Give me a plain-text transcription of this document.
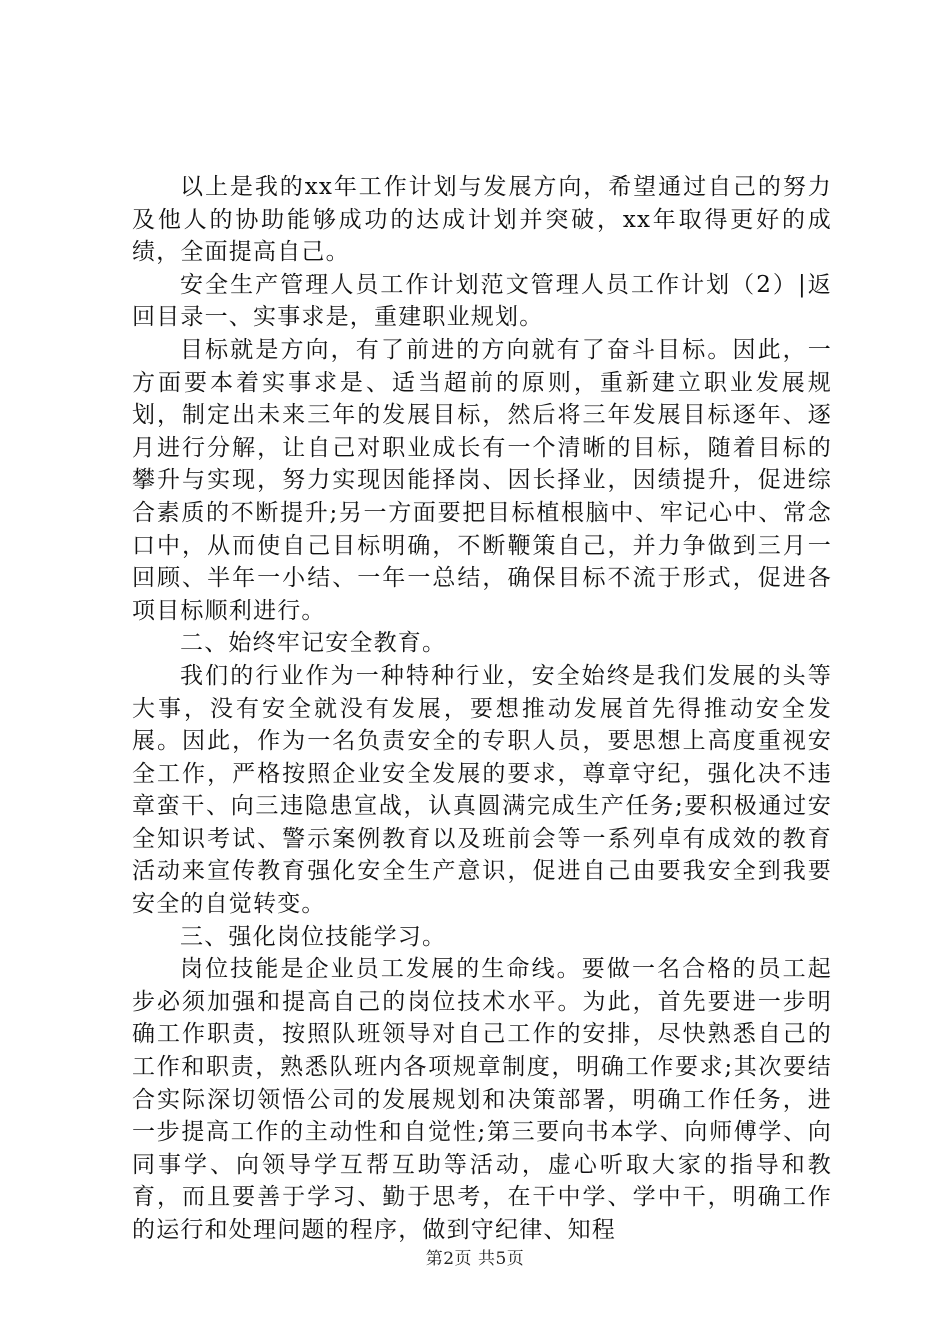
以上是我的xx年工作计划与发展方向，希望通过自己的努力及他人的协助能够成功的达成计划并突破，xx年取得更好的成绩，全面提高自己。

安全生产管理人员工作计划范文管理人员工作计划（2）|返回目录一、实事求是，重建职业规划。

目标就是方向，有了前进的方向就有了奋斗目标。因此，一方面要本着实事求是、适当超前的原则，重新建立职业发展规划，制定出未来三年的发展目标，然后将三年发展目标逐年、逐月进行分解，让自己对职业成长有一个清晰的目标，随着目标的攀升与实现，努力实现因能择岗、因长择业，因绩提升，促进综合素质的不断提升;另一方面要把目标植根脑中、牢记心中、常念口中，从而使自己目标明确，不断鞭策自己，并力争做到三月一回顾、半年一小结、一年一总结，确保目标不流于形式，促进各项目标顺利进行。

二、始终牢记安全教育。

我们的行业作为一种特种行业，安全始终是我们发展的头等大事，没有安全就没有发展，要想推动发展首先得推动安全发展。因此，作为一名负责安全的专职人员，要思想上高度重视安全工作，严格按照企业安全发展的要求，尊章守纪，强化决不违章蛮干、向三违隐患宣战，认真圆满完成生产任务;要积极通过安全知识考试、警示案例教育以及班前会等一系列卓有成效的教育活动来宣传教育强化安全生产意识，促进自己由要我安全到我要安全的自觉转变。

三、强化岗位技能学习。

岗位技能是企业员工发展的生命线。要做一名合格的员工起步必须加强和提高自己的岗位技术水平。为此，首先要进一步明确工作职责，按照队班领导对自己工作的安排，尽快熟悉自己的工作和职责，熟悉队班内各项规章制度，明确工作要求;其次要结合实际深切领悟公司的发展规划和决策部署，明确工作任务，进一步提高工作的主动性和自觉性;第三要向书本学、向师傅学、向同事学、向领导学互帮互助等活动，虚心听取大家的指导和教育，而且要善于学习、勤于思考，在干中学、学中干，明确工作的运行和处理问题的程序，做到守纪律、知程

第2页 共5页
